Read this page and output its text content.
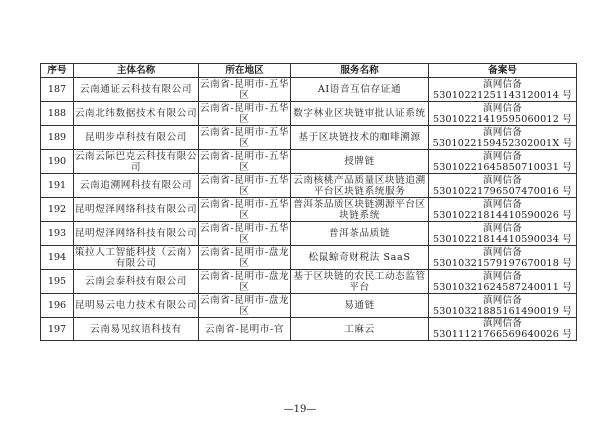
序号	主体名称	所在地区	服务名称	备案号
187	云南通证云科技有限公司	云南省-昆明市-五华区	AI语音互信存证通	滇网信备 53010221251143120014 号
188	云南北纬数据技术有限公司	云南省-昆明市-五华区	数字林业区块链审批认证系统	滇网信备 53010221419595060012 号
189	昆明步卓科技有限公司	云南省-昆明市-五华区	基于区块链技术的咖啡溯源	滇网信备 5301022159452302001X 号
190	云南云际巴克云科技有限公司	云南省-昆明市-五华区	授牌链	滇网信备 53010221645850710031 号
191	云南追溯网科技有限公司	云南省-昆明市-五华区	云南核桃产品质量区块链追溯平台区块链系统服务	滇网信备 53010221796507470016 号
192	昆明煜泽网络科技有限公司	云南省-昆明市-五华区	普洱茶品质区块链溯源平台区块链系统	滇网信备 53010221814410590026 号
193	昆明煜泽网络科技有限公司	云南省-昆明市-五华区	普洱茶品质链	滇网信备 53010221814410590034 号
194	策拉人工智能科技（云南）有限公司	云南省-昆明市-盘龙区	松鼠鲸奇财税法 SaaS	滇网信备 53010321579197670018 号
195	云南会泰科技有限公司	云南省-昆明市-盘龙区	基于区块链的农民工动态监管平台	滇网信备 53010321624587240011 号
196	昆明易云电力技术有限公司	云南省-昆明市-盘龙区	易通链	滇网信备 53010321885161490019 号
197	云南易见纹语科技有	云南省-昆明市-官	工麻云	滇网信备 53011121766569640026 号
—19—
